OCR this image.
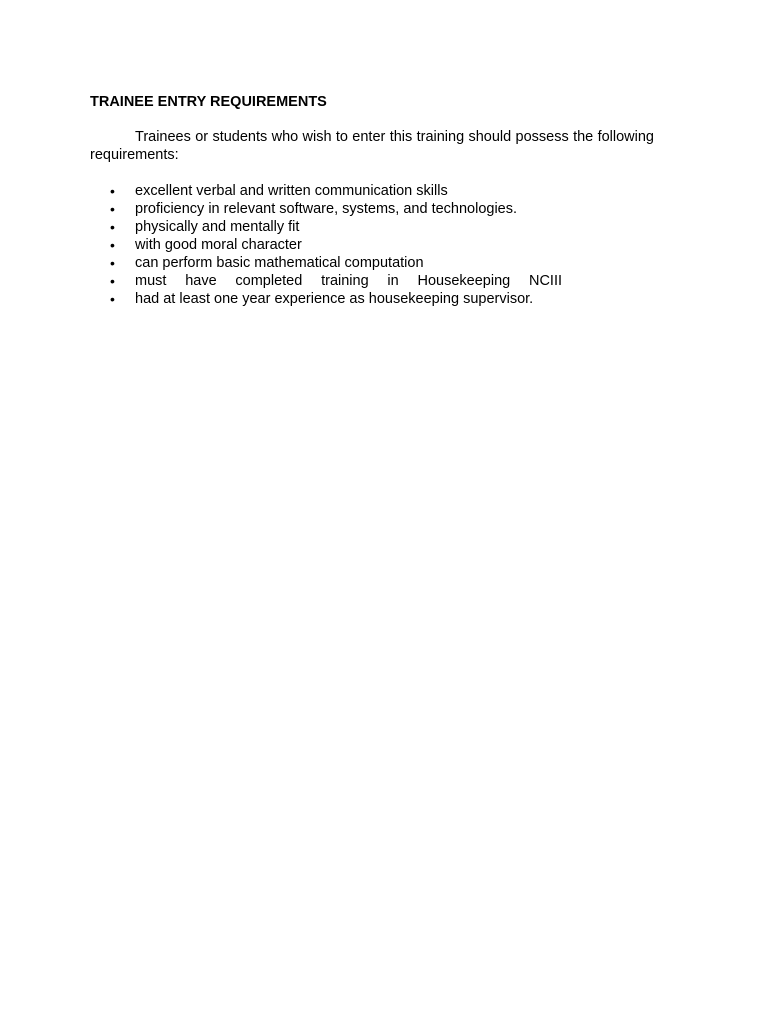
TRAINEE ENTRY REQUIREMENTS

Trainees or students who wish to enter this training should possess the following requirements:

• excellent verbal and written communication skills
• proficiency in relevant software, systems, and technologies.
• physically and mentally fit
• with good moral character
• can perform basic mathematical computation
• must have completed training in Housekeeping NCIII
• had at least one year experience as housekeeping supervisor.
